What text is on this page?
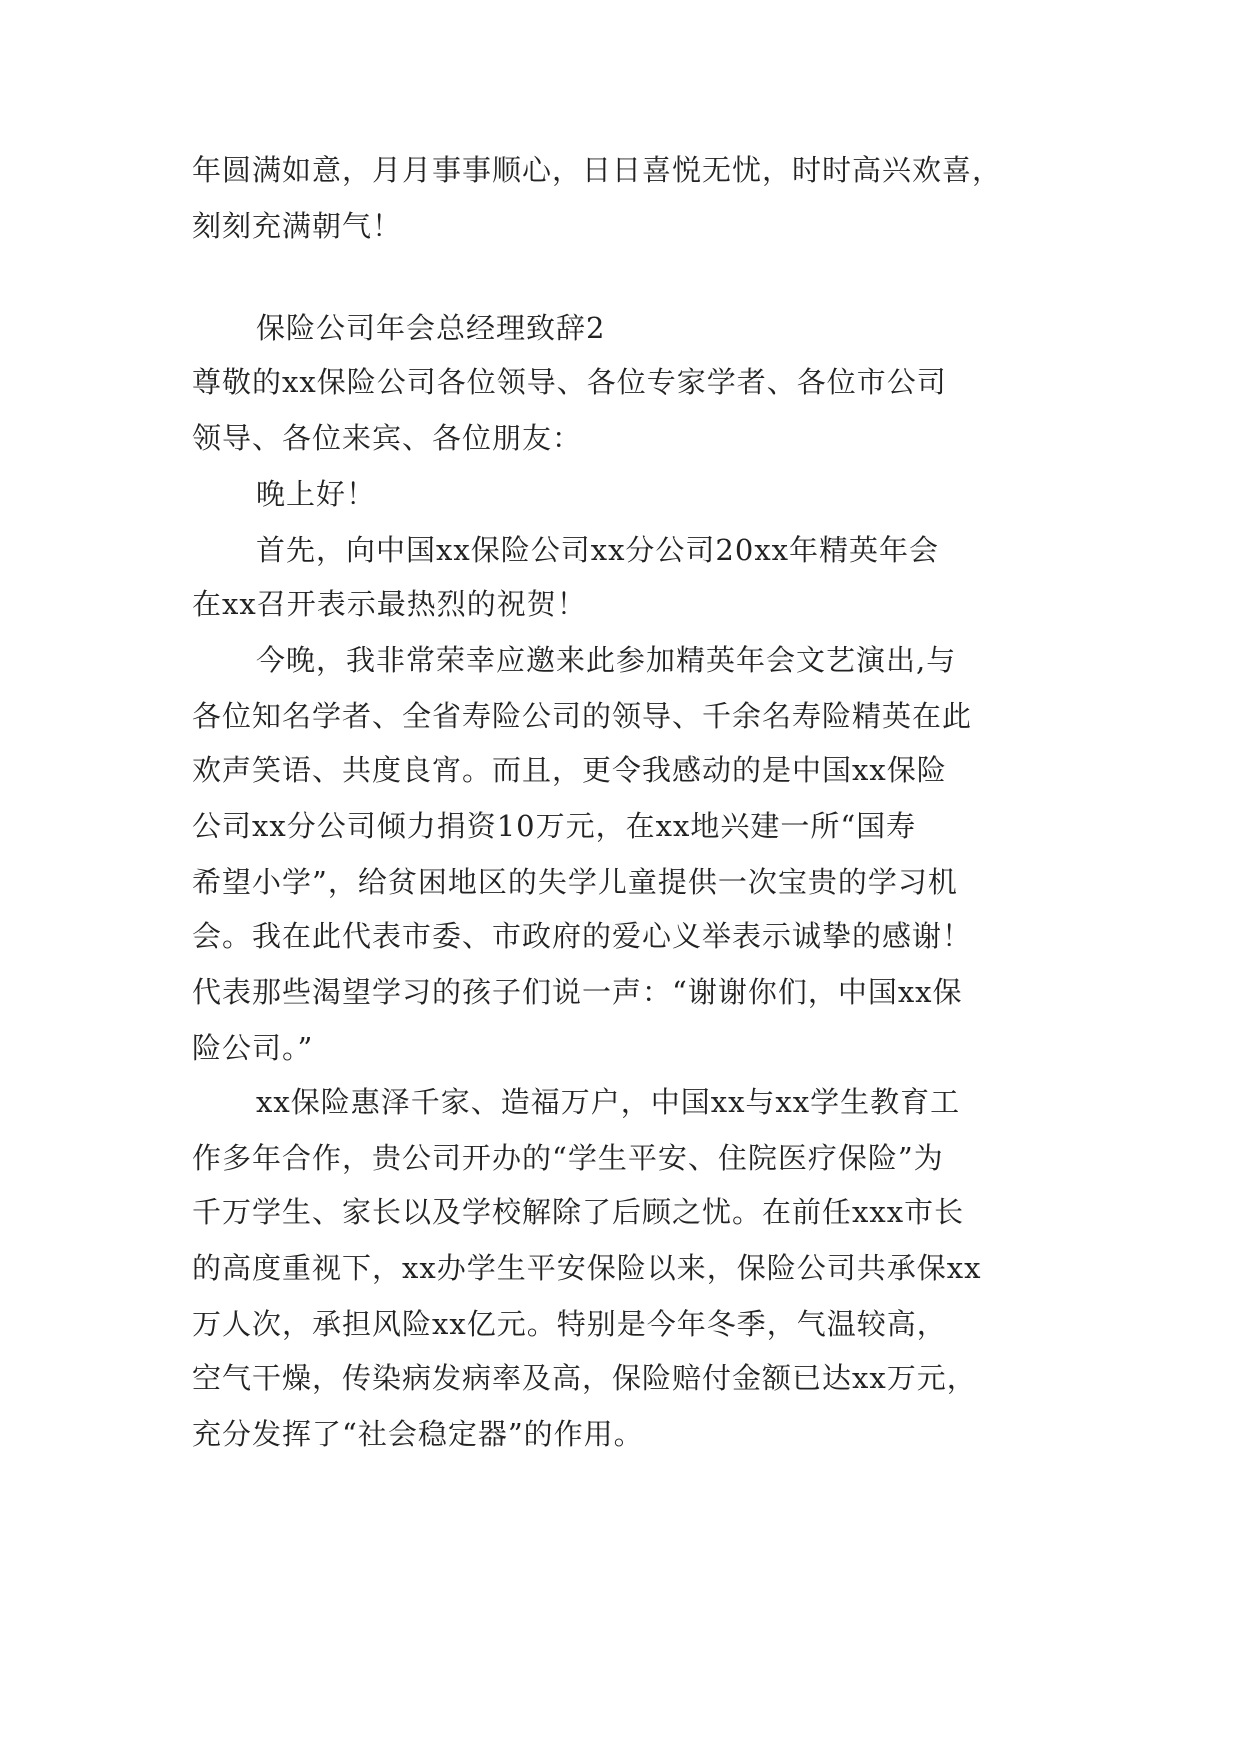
年圆满如意，月月事事顺心，日日喜悦无忧，时时高兴欢喜，
刻刻充满朝气！
保险公司年会总经理致辞2
尊敬的xx保险公司各位领导、各位专家学者、各位市公司
领导、各位来宾、各位朋友：
晚上好！
首先，向中国xx保险公司xx分公司20xx年精英年会
在xx召开表示最热烈的祝贺！
今晚，我非常荣幸应邀来此参加精英年会文艺演出,与
各位知名学者、全省寿险公司的领导、千余名寿险精英在此
欢声笑语、共度良宵。而且，更令我感动的是中国xx保险
公司xx分公司倾力捐资10万元，在xx地兴建一所“国寿
希望小学”，给贫困地区的失学儿童提供一次宝贵的学习机
会。我在此代表市委、市政府的爱心义举表示诚挚的感谢！
代表那些渴望学习的孩子们说一声：“谢谢你们，中国xx保
险公司。”
xx保险惠泽千家、造福万户，中国xx与xx学生教育工
作多年合作，贵公司开办的“学生平安、住院医疗保险”为
千万学生、家长以及学校解除了后顾之忧。在前任xxx市长
的高度重视下，xx办学生平安保险以来，保险公司共承保xx
万人次，承担风险xx亿元。特别是今年冬季，气温较高，
空气干燥，传染病发病率及高，保险赔付金额已达xx万元，
充分发挥了“社会稳定器”的作用。
